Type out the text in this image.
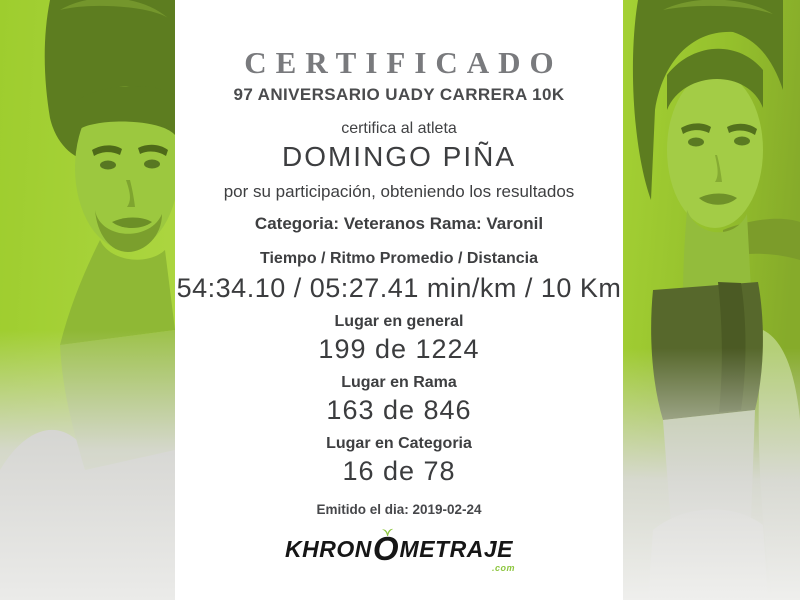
CERTIFICADO
97 ANIVERSARIO UADY CARRERA 10K
certifica al atleta
DOMINGO PIÑA
por su participación, obteniendo los resultados
Categoria: Veteranos Rama: Varonil
Tiempo / Ritmo Promedio / Distancia
54:34.10 / 05:27.41 min/km / 10 Km
Lugar en general
199 de 1224
Lugar en Rama
163 de 846
Lugar en Categoria
16 de 78
Emitido el dia: 2019-02-24
KHRON O METRAJE
.com
